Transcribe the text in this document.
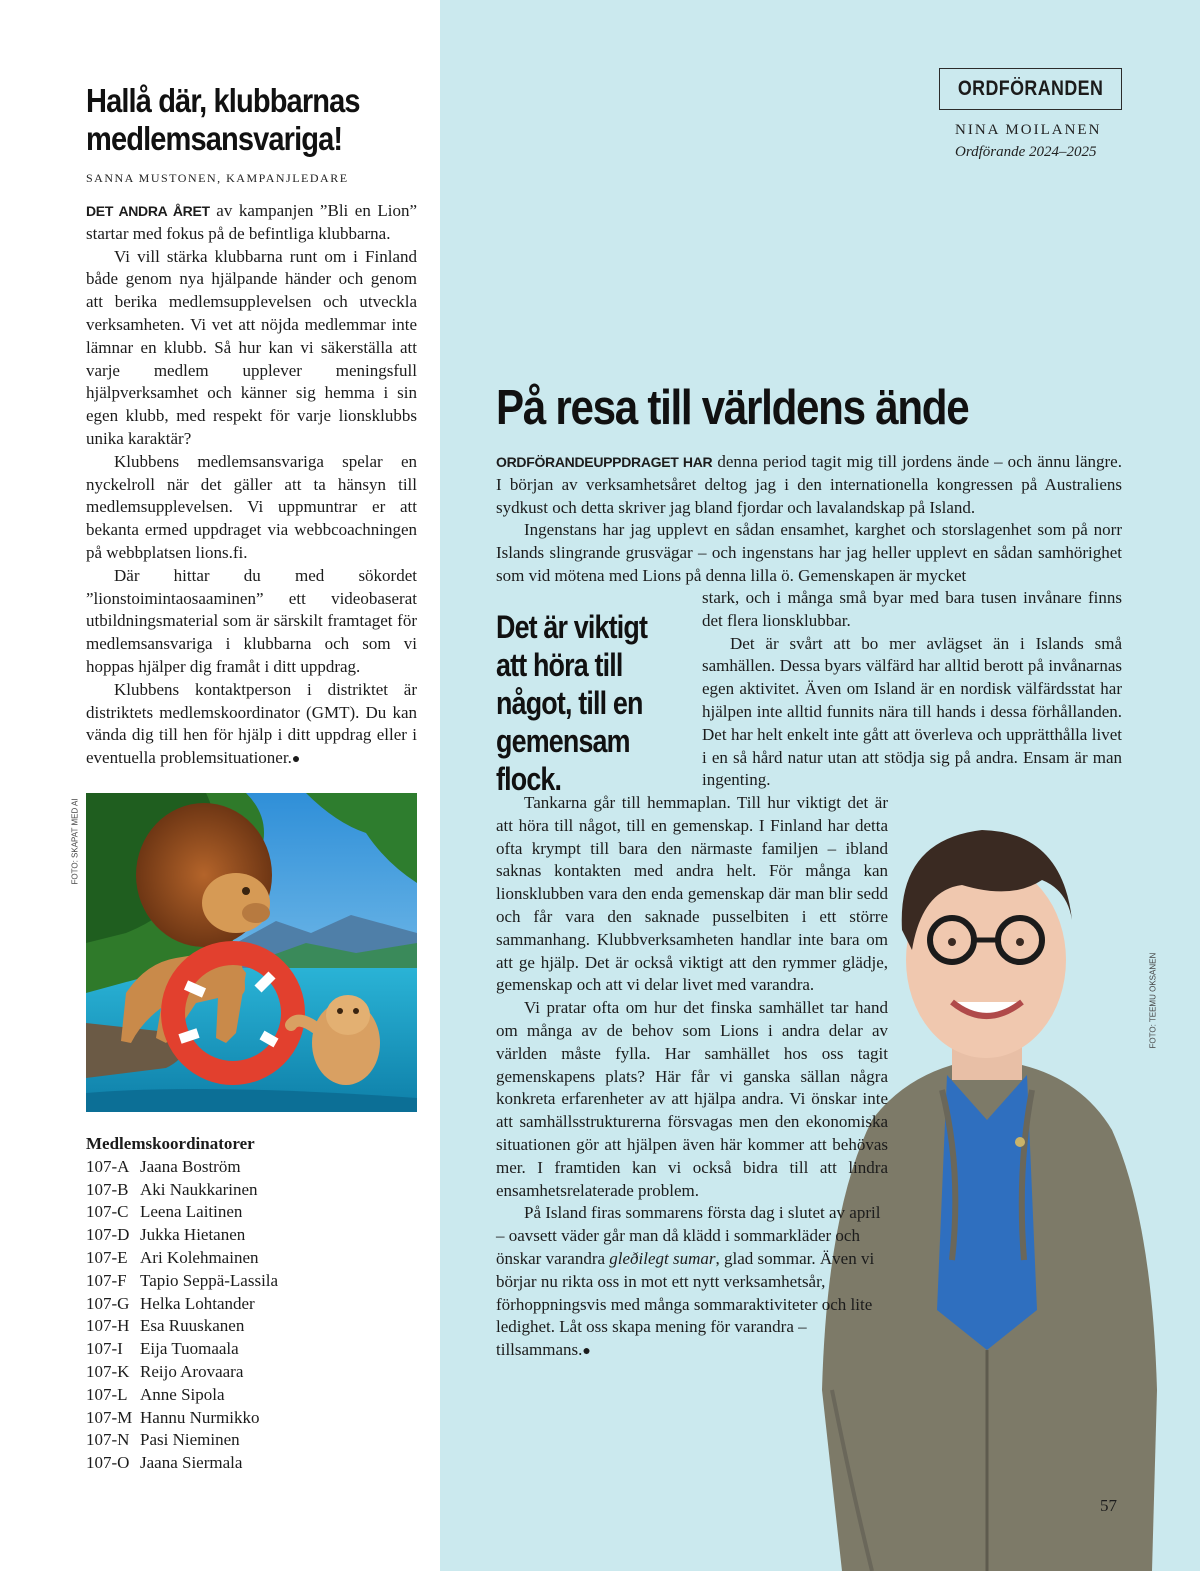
Hallå där, klubbarnas medlemsansvariga!
SANNA MUSTONEN, KAMPANJLEDARE

DET ANDRA ÅRET av kampanjen ”Bli en Lion” startar med fokus på de befintliga klubbarna.

Vi vill stärka klubbarna runt om i Finland både genom nya hjälpande händer och genom att berika medlemsupplevelsen och utveckla verksamheten. Vi vet att nöjda medlemmar inte lämnar en klubb. Så hur kan vi säkerställa att varje medlem upplever meningsfull hjälpverksamhet och känner sig hemma i sin egen klubb, med respekt för varje lionsklubbs unika karaktär?

Klubbens medlemsansvariga spelar en nyckelroll när det gäller att ta hänsyn till medlemsupplevelsen. Vi uppmuntrar er att bekanta ermed uppdraget via webbcoachningen på webbplatsen lions.fi.

Där hittar du med sökordet ”lionstoimintaosaaminen” ett videobaserat utbildningsmaterial som är särskilt framtaget för medlemsansvariga i klubbarna och som vi hoppas hjälper dig framåt i ditt uppdrag.

Klubbens kontaktperson i distriktet är distriktets medlemskoordinator (GMT). Du kan vända dig till hen för hjälp i ditt uppdrag eller i eventuella problemsituationer.●

FOTO: SKAPAT MED AI
Medlemskoordinatorer
107-A Jaana Boström
107-B Aki Naukkarinen
107-C Leena Laitinen
107-D Jukka Hietanen
107-E Ari Kolehmainen
107-F Tapio Seppä-Lassila
107-G Helka Lohtander
107-H Esa Ruuskanen
107-I	Eija Tuomaala
107-K Reijo Arovaara
107-L Anne Sipola
107-M Hannu Nurmikko
107-N Pasi Nieminen
107-O Jaana Siermala
ORDFÖRANDEN
NINA MOILANEN
Ordförande 2024–2025
På resa till världens ände

ORDFÖRANDEUPPDRAGET HAR denna period tagit mig till jordens ände – och ännu längre. I början av verksamhetsåret deltog jag i den internationella kongressen på Australiens sydkust och detta skriver jag bland fjordar och lavalandskap på Island.

Ingenstans har jag upplevt en sådan ensamhet, karghet och storslagenhet som på norr Islands slingrande grusvägar – och ingenstans har jag heller upplevt en sådan samhörighet som vid mötena med Lions på denna lilla ö. Gemenskapen är mycket

Det är viktigt att höra till något, till en gemensam flock.

stark, och i många små byar med bara tusen invånare finns det flera lionsklubbar.

Det är svårt att bo mer avlägset än i Islands små samhällen. Dessa byars välfärd har alltid berott på invånarnas egen aktivitet. Även om Island är en nordisk välfärdsstat har hjälpen inte alltid funnits nära till hands i dessa förhållanden. Det har helt enkelt inte gått att överleva och upprätthålla livet i en så hård natur utan att stödja sig på andra. Ensam är man ingenting.

Tankarna går till hemmaplan. Till hur viktigt det är att höra till något, till en gemenskap. I Finland har detta ofta krympt till bara den närmaste familjen – ibland saknas kontakten med andra helt. För många kan lionsklubben vara den enda gemenskap där man blir sedd och får vara den saknade pusselbiten i ett större sammanhang. Klubbverksamheten handlar inte bara om att ge hjälp. Det är också viktigt att den rymmer glädje, gemenskap och att vi delar livet med varandra.

Vi pratar ofta om hur det finska samhället tar hand om många av de behov som Lions i andra delar av världen måste fylla. Har samhället hos oss tagit gemenskapens plats? Här får vi ganska sällan några konkreta erfarenheter av att hjälpa andra. Vi önskar inte att samhällsstrukturerna försvagas men den ekonomiska situationen gör att hjälpen även här kommer att behövas mer. I framtiden kan vi också bidra till att lindra ensamhetsrelaterade problem.

På Island firas sommarens första dag i slutet av april – oavsett väder går man då klädd i sommarkläder och önskar varandra gleðilegt sumar, glad sommar. Även vi börjar nu rikta oss in mot ett nytt verksamhetsår, förhoppningsvis med många sommaraktiviteter och lite ledighet. Låt oss skapa mening för varandra – tillsammans.●

FOTO: TEEMU OKSANEN
57
